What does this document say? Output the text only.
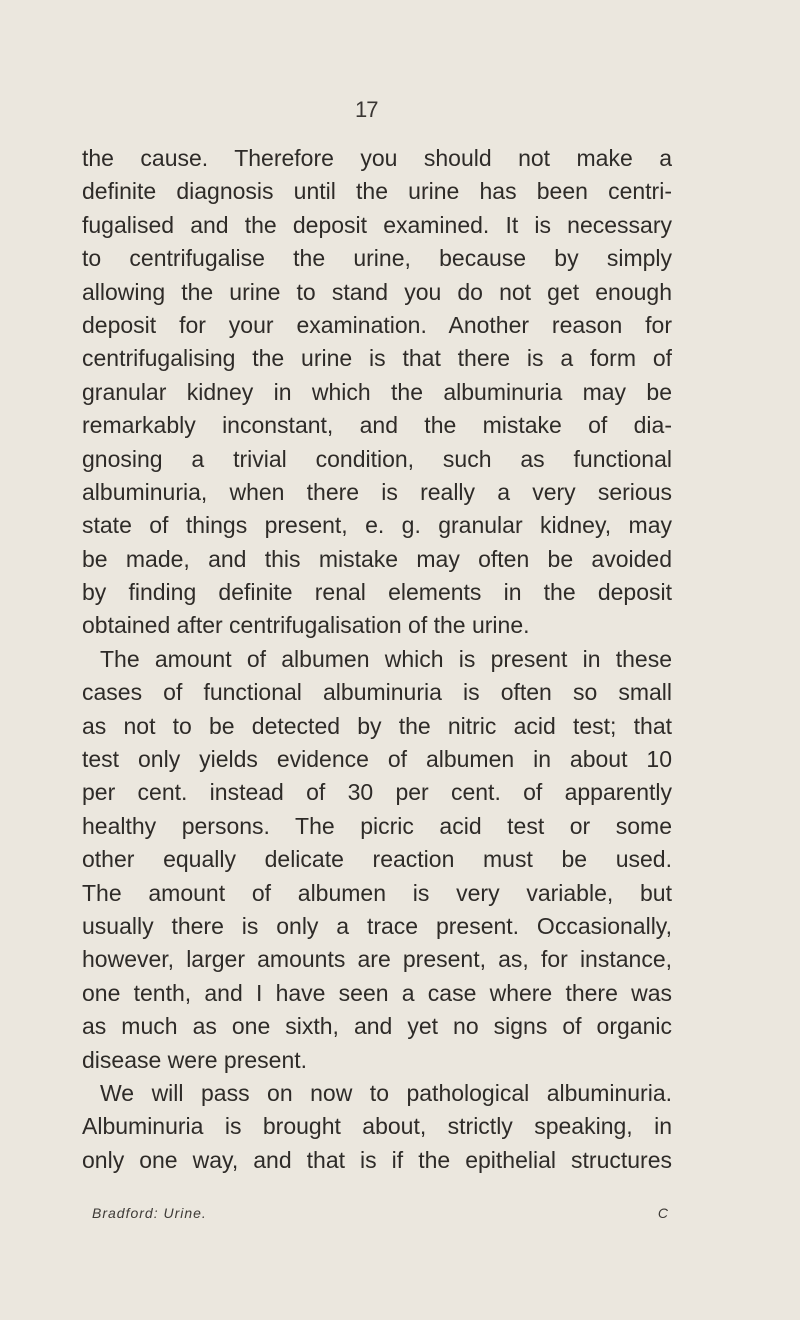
17
the cause. Therefore you should not make a
definite diagnosis until the urine has been centri-
fugalised and the deposit examined. It is necessary
to centrifugalise the urine, because by simply
allowing the urine to stand you do not get enough
deposit for your examination. Another reason for
centrifugalising the urine is that there is a form of
granular kidney in which the albuminuria may be
remarkably inconstant, and the mistake of dia-
gnosing a trivial condition, such as functional
albuminuria, when there is really a very serious
state of things present, e. g. granular kidney, may
be made, and this mistake may often be avoided
by finding definite renal elements in the deposit
obtained after centrifugalisation of the urine.
The amount of albumen which is present in these
cases of functional albuminuria is often so small
as not to be detected by the nitric acid test; that
test only yields evidence of albumen in about 10
per cent. instead of 30 per cent. of apparently
healthy persons. The picric acid test or some
other equally delicate reaction must be used.
The amount of albumen is very variable, but
usually there is only a trace present. Occasionally,
however, larger amounts are present, as, for instance,
one tenth, and I have seen a case where there was
as much as one sixth, and yet no signs of organic
disease were present.
We will pass on now to pathological albuminuria.
Albuminuria is brought about, strictly speaking, in
only one way, and that is if the epithelial structures
Bradford: Urine.	C
